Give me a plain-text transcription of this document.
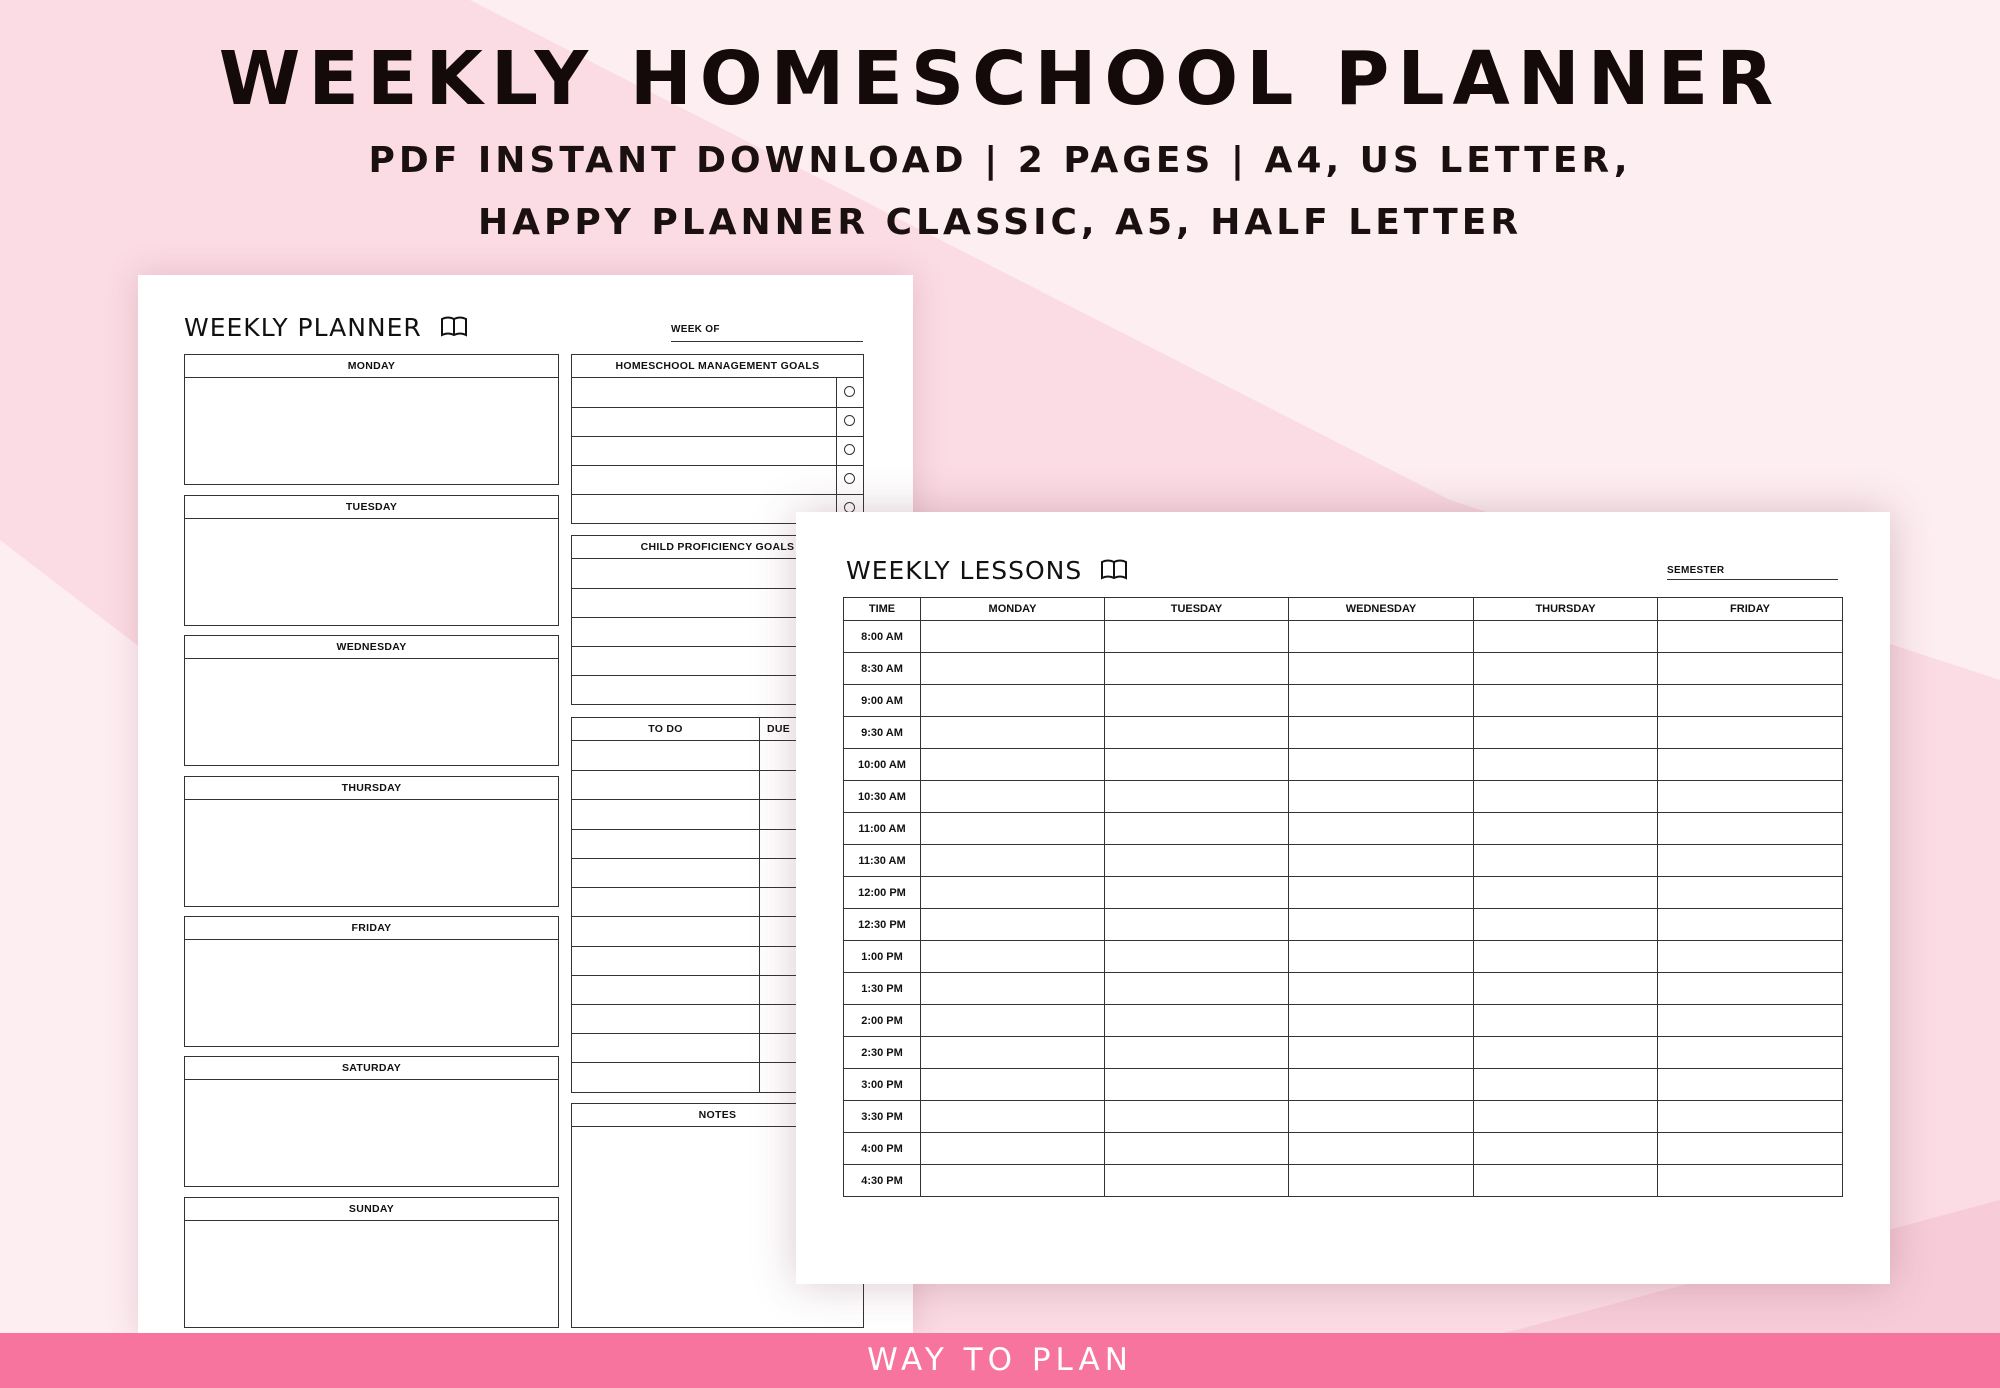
WEEKLY HOMESCHOOL PLANNER
PDF INSTANT DOWNLOAD | 2 PAGES | A4, US LETTER,
HAPPY PLANNER CLASSIC, A5, HALF LETTER
WEEKLY PLANNER	WEEK OF
MONDAY
TUESDAY
WEDNESDAY
THURSDAY
FRIDAY
SATURDAY
SUNDAY
HOMESCHOOL MANAGEMENT GOALS
CHILD PROFICIENCY GOALS
TO DO	DUE
NOTES
WEEKLY LESSONS	SEMESTER
TIME	MONDAY	TUESDAY	WEDNESDAY	THURSDAY	FRIDAY
8:00 AM					
8:30 AM					
9:00 AM					
9:30 AM					
10:00 AM					
10:30 AM					
11:00 AM					
11:30 AM					
12:00 PM					
12:30 PM					
1:00 PM					
1:30 PM					
2:00 PM					
2:30 PM					
3:00 PM					
3:30 PM					
4:00 PM					
4:30 PM					
WAY TO PLAN
